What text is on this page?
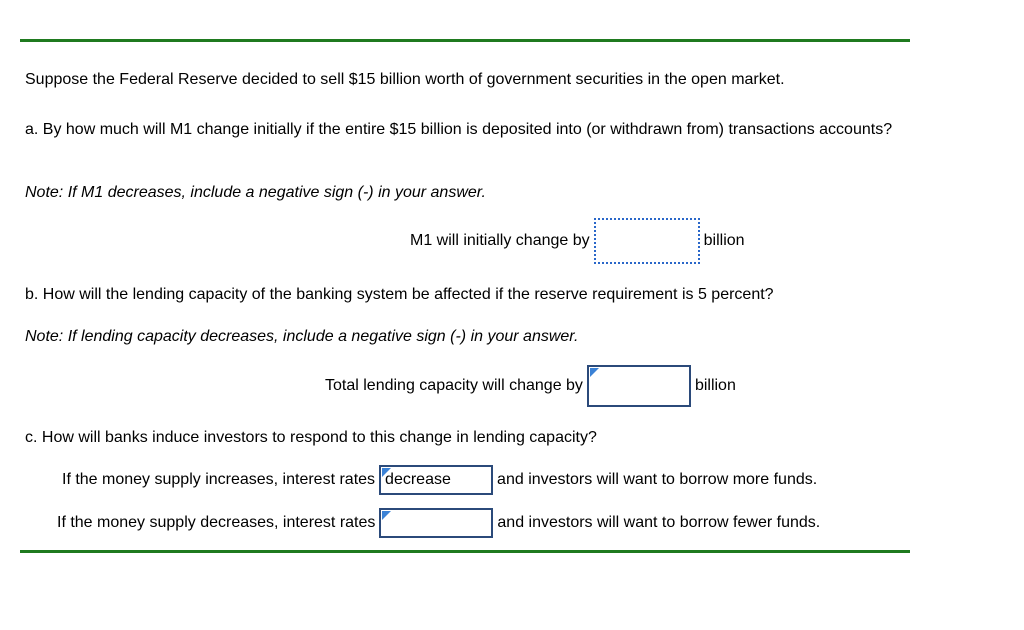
Suppose the Federal Reserve decided to sell $15 billion worth of government securities in the open market.
a. By how much will M1 change initially if the entire $15 billion is deposited into (or withdrawn from) transactions accounts?
Note: If M1 decreases, include a negative sign (-) in your answer.
M1 will initially change by	billion
b. How will the lending capacity of the banking system be affected if the reserve requirement is 5 percent?
Note: If lending capacity decreases, include a negative sign (-) in your answer.
Total lending capacity will change by	billion
c. How will banks induce investors to respond to this change in lending capacity?
If the money supply increases, interest rates decrease	and investors will want to borrow more funds.
If the money supply decreases, interest rates	and investors will want to borrow fewer funds.
